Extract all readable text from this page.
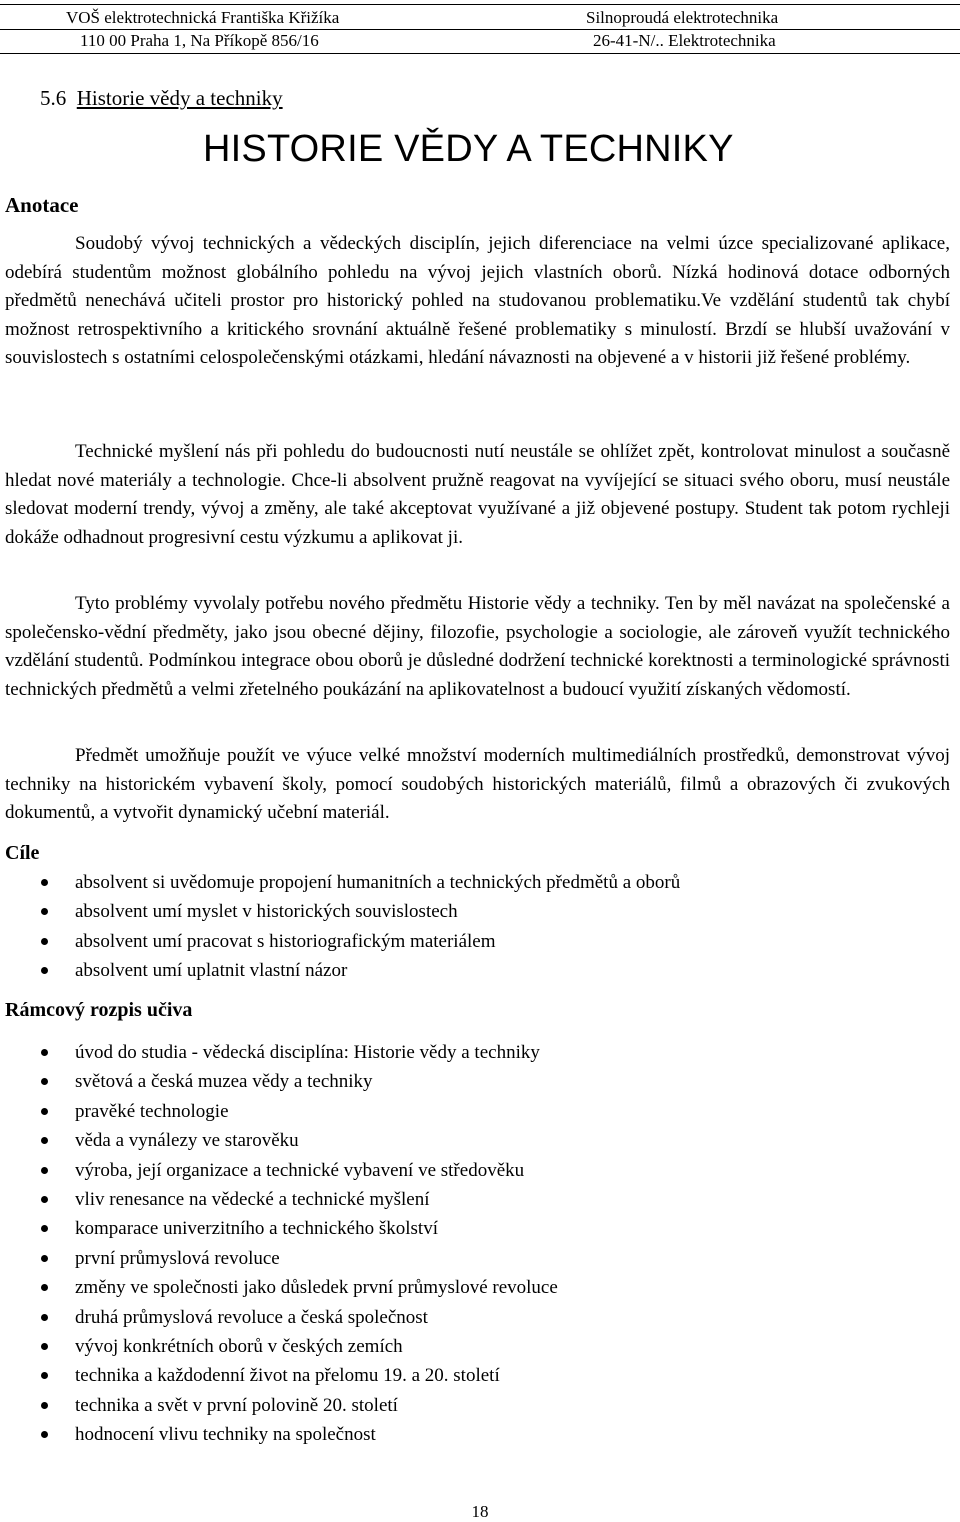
VOŠ elektrotechnická Františka Křižíka	Silnoproudá elektrotechnika
110 00 Praha 1, Na Příkopě 856/16	26-41-N/.. Elektrotechnika
5.6 Historie vědy a techniky
HISTORIE VĚDY A TECHNIKY
Anotace
Soudobý vývoj technických a vědeckých disciplín, jejich diferenciace na velmi úzce specializované aplikace, odebírá studentům možnost globálního pohledu na vývoj jejich vlastních oborů. Nízká hodinová dotace odborných předmětů nenechává učiteli prostor pro historický pohled na studovanou problematiku.Ve vzdělání studentů tak chybí možnost retrospektivního a kritického srovnání aktuálně řešené problematiky s minulostí. Brzdí se hlubší uvažování v souvislostech s ostatními celospolečenskými otázkami, hledání návaznosti na objevené a v historii již řešené problémy.
Technické myšlení nás při pohledu do budoucnosti nutí neustále se ohlížet zpět, kontrolovat minulost a současně hledat nové materiály a technologie. Chce-li absolvent pružně reagovat na vyvíjející se situaci svého oboru, musí neustále sledovat moderní trendy, vývoj a změny, ale také akceptovat využívané a již objevené postupy. Student tak potom rychleji dokáže odhadnout progresivní cestu výzkumu a aplikovat ji.
Tyto problémy vyvolaly potřebu nového předmětu Historie vědy a techniky. Ten by měl navázat na společenské a společensko-vědní předměty, jako jsou obecné dějiny, filozofie, psychologie a sociologie, ale zároveň využít technického vzdělání studentů. Podmínkou integrace obou oborů je důsledné dodržení technické korektnosti a terminologické správnosti technických předmětů a velmi zřetelného poukázání na aplikovatelnost a budoucí využití získaných vědomostí.
Předmět umožňuje použít ve výuce velké množství moderních multimediálních prostředků, demonstrovat vývoj techniky na historickém vybavení školy, pomocí soudobých historických materiálů, filmů a obrazových či zvukových dokumentů, a vytvořit dynamický učební materiál.
Cíle
absolvent si uvědomuje propojení humanitních a technických předmětů a oborů
absolvent umí myslet v historických souvislostech
absolvent umí pracovat s historiografickým materiálem
absolvent umí uplatnit vlastní názor
Rámcový rozpis učiva
úvod do studia - vědecká disciplína: Historie vědy a techniky
světová a česká muzea vědy a techniky
pravěké technologie
věda a vynálezy ve starověku
výroba, její organizace a technické vybavení ve středověku
vliv renesance na vědecké a technické myšlení
komparace univerzitního a technického školství
první průmyslová revoluce
změny ve společnosti jako důsledek první průmyslové revoluce
druhá průmyslová revoluce a česká společnost
vývoj konkrétních oborů v českých zemích
technika a každodenní život na přelomu 19. a 20. století
technika a svět v první polovině 20. století
hodnocení vlivu techniky na společnost
18
